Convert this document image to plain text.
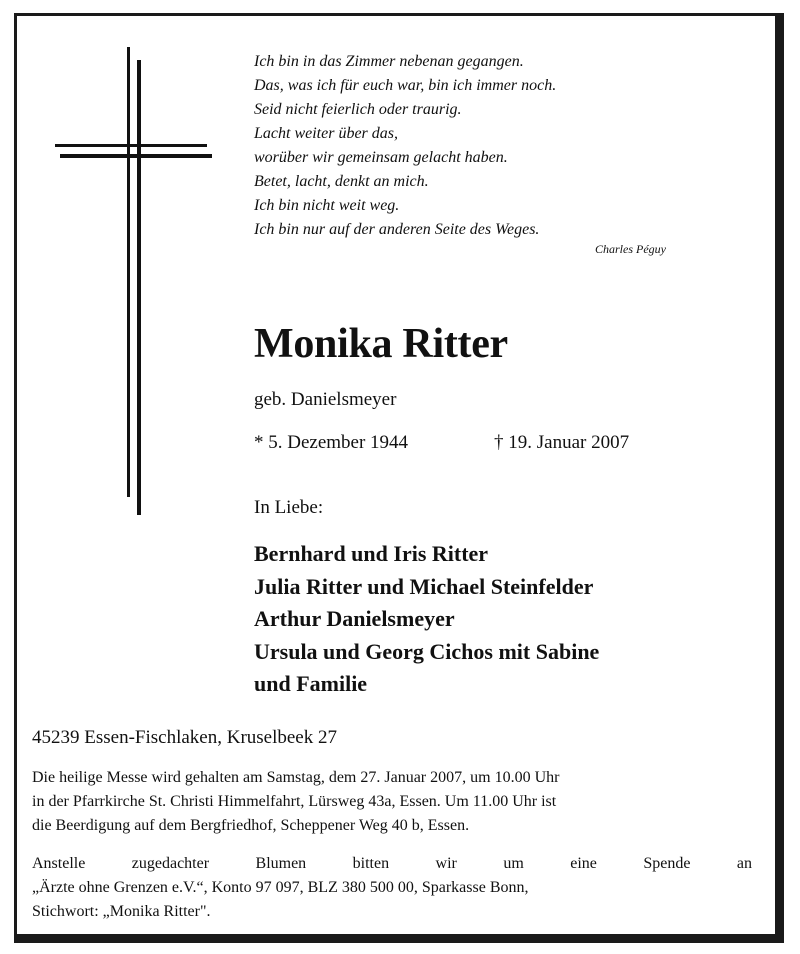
Ich bin in das Zimmer nebenan gegangen.
Das, was ich für euch war, bin ich immer noch.
Seid nicht feierlich oder traurig.
Lacht weiter über das,
worüber wir gemeinsam gelacht haben.
Betet, lacht, denkt an mich.
Ich bin nicht weit weg.
Ich bin nur auf der anderen Seite des Weges.
Charles Péguy
Monika Ritter
geb. Danielsmeyer
* 5. Dezember 1944	† 19. Januar 2007
In Liebe:
Bernhard und Iris Ritter
Julia Ritter und Michael Steinfelder
Arthur Danielsmeyer
Ursula und Georg Cichos mit Sabine
und Familie
45239 Essen-Fischlaken, Kruselbeek 27
Die heilige Messe wird gehalten am Samstag, dem 27. Januar 2007, um 10.00 Uhr
in der Pfarrkirche St. Christi Himmelfahrt, Lürsweg 43a, Essen. Um 11.00 Uhr ist
die Beerdigung auf dem Bergfriedhof, Scheppener Weg 40 b, Essen.
Anstelle zugedachter Blumen bitten wir um eine Spende an
„Ärzte ohne Grenzen e.V.“, Konto 97 097, BLZ 380 500 00, Sparkasse Bonn,
Stichwort: „Monika Ritter".
